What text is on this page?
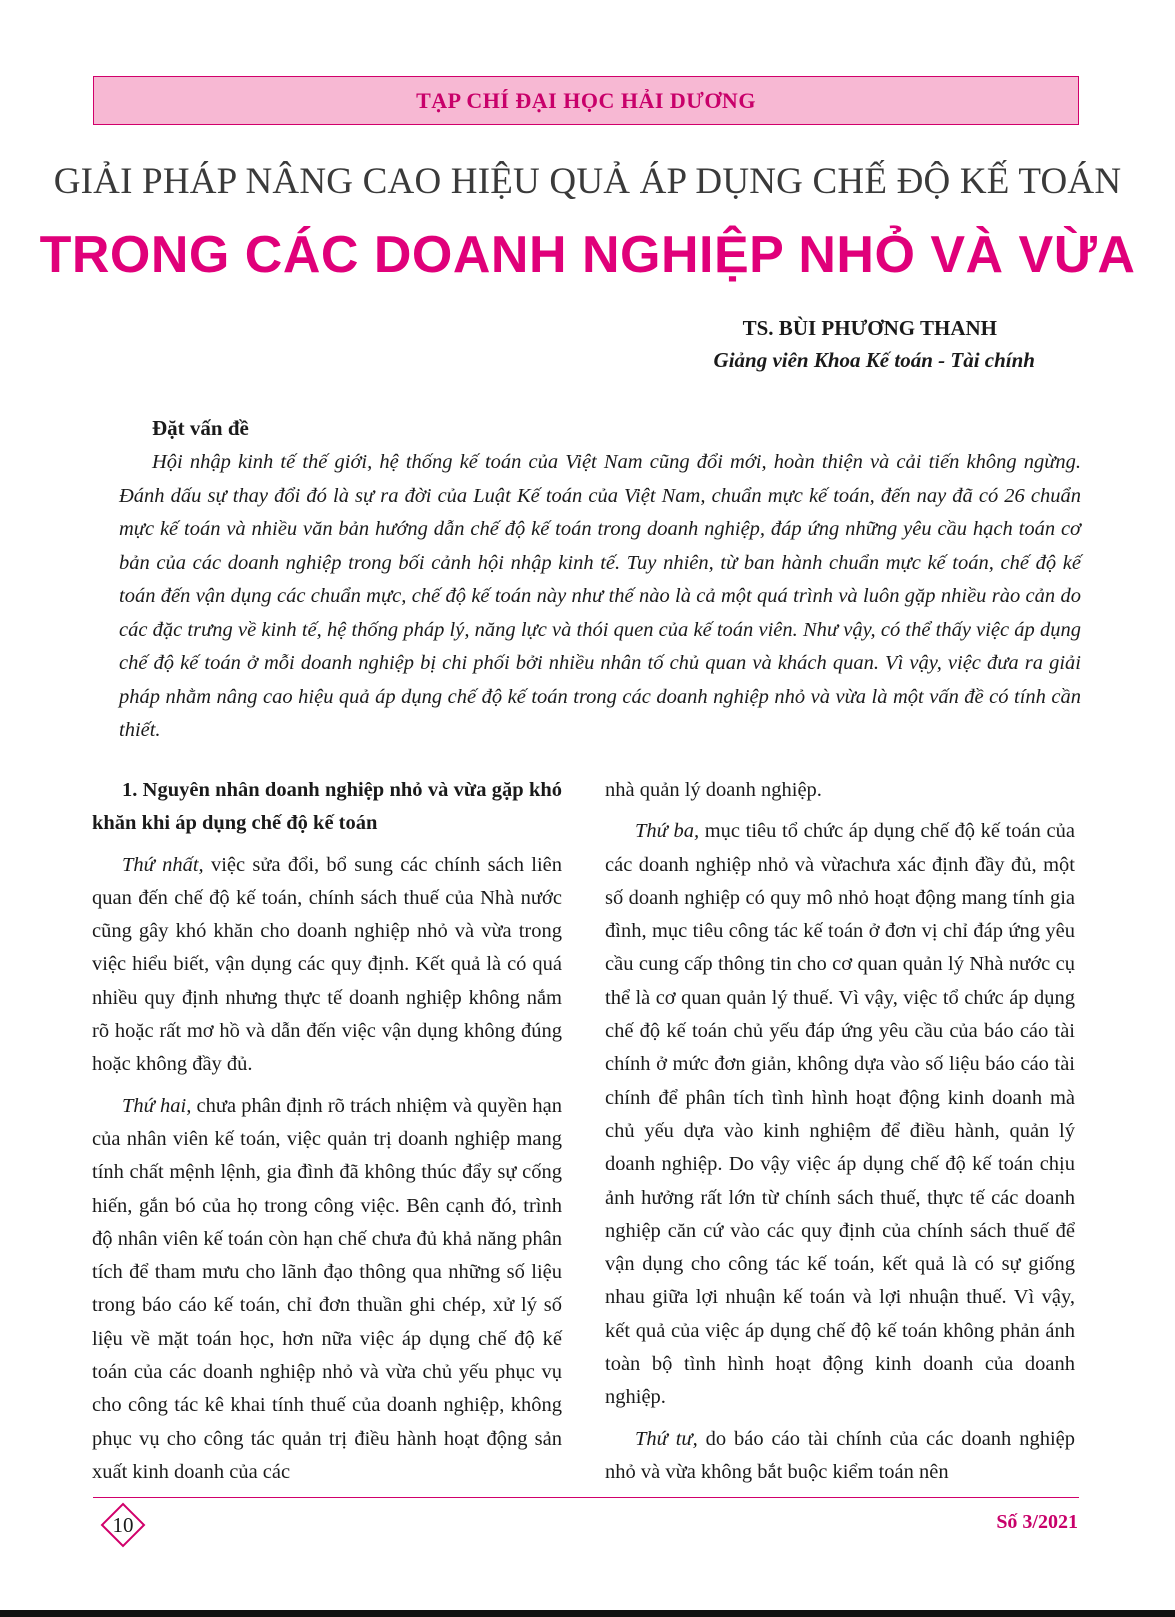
TẠP CHÍ ĐẠI HỌC HẢI DƯƠNG
GIẢI PHÁP NÂNG CAO HIỆU QUẢ ÁP DỤNG CHẾ ĐỘ KẾ TOÁN
TRONG CÁC DOANH NGHIỆP NHỎ VÀ VỪA
TS. BÙI PHƯƠNG THANH
Giảng viên Khoa Kế toán - Tài chính
Đặt vấn đề

Hội nhập kinh tế thế giới, hệ thống kế toán của Việt Nam cũng đổi mới, hoàn thiện và cải tiến không ngừng. Đánh dấu sự thay đổi đó là sự ra đời của Luật Kế toán của Việt Nam, chuẩn mực kế toán, đến nay đã có 26 chuẩn mực kế toán và nhiều văn bản hướng dẫn chế độ kế toán trong doanh nghiệp, đáp ứng những yêu cầu hạch toán cơ bản của các doanh nghiệp trong bối cảnh hội nhập kinh tế. Tuy nhiên, từ ban hành chuẩn mực kế toán, chế độ kế toán đến vận dụng các chuẩn mực, chế độ kế toán này như thế nào là cả một quá trình và luôn gặp nhiều rào cản do các đặc trưng về kinh tế, hệ thống pháp lý, năng lực và thói quen của kế toán viên. Như vậy, có thể thấy việc áp dụng chế độ kế toán ở mỗi doanh nghiệp bị chi phối bởi nhiều nhân tố chủ quan và khách quan. Vì vậy, việc đưa ra giải pháp nhằm nâng cao hiệu quả áp dụng chế độ kế toán trong các doanh nghiệp nhỏ và vừa là một vấn đề có tính cần thiết.

1. Nguyên nhân doanh nghiệp nhỏ và vừa gặp khó khăn khi áp dụng chế độ kế toán

Thứ nhất, việc sửa đổi, bổ sung các chính sách liên quan đến chế độ kế toán, chính sách thuế của Nhà nước cũng gây khó khăn cho doanh nghiệp nhỏ và vừa trong việc hiểu biết, vận dụng các quy định. Kết quả là có quá nhiều quy định nhưng thực tế doanh nghiệp không nắm rõ hoặc rất mơ hồ và dẫn đến việc vận dụng không đúng hoặc không đầy đủ.

Thứ hai, chưa phân định rõ trách nhiệm và quyền hạn của nhân viên kế toán, việc quản trị doanh nghiệp mang tính chất mệnh lệnh, gia đình đã không thúc đẩy sự cống hiến, gắn bó của họ trong công việc. Bên cạnh đó, trình độ nhân viên kế toán còn hạn chế chưa đủ khả năng phân tích để tham mưu cho lãnh đạo thông qua những số liệu trong báo cáo kế toán, chỉ đơn thuần ghi chép, xử lý số liệu về mặt toán học, hơn nữa việc áp dụng chế độ kế toán của các doanh nghiệp nhỏ và vừa chủ yếu phục vụ cho công tác kê khai tính thuế của doanh nghiệp, không phục vụ cho công tác quản trị điều hành hoạt động sản xuất kinh doanh của các

nhà quản lý doanh nghiệp.

Thứ ba, mục tiêu tổ chức áp dụng chế độ kế toán của các doanh nghiệp nhỏ và vừachưa xác định đầy đủ, một số doanh nghiệp có quy mô nhỏ hoạt động mang tính gia đình, mục tiêu công tác kế toán ở đơn vị chỉ đáp ứng yêu cầu cung cấp thông tin cho cơ quan quản lý Nhà nước cụ thể là cơ quan quản lý thuế. Vì vậy, việc tổ chức áp dụng chế độ kế toán chủ yếu đáp ứng yêu cầu của báo cáo tài chính ở mức đơn giản, không dựa vào số liệu báo cáo tài chính để phân tích tình hình hoạt động kinh doanh mà chủ yếu dựa vào kinh nghiệm để điều hành, quản lý doanh nghiệp. Do vậy việc áp dụng chế độ kế toán chịu ảnh hưởng rất lớn từ chính sách thuế, thực tế các doanh nghiệp căn cứ vào các quy định của chính sách thuế để vận dụng cho công tác kế toán, kết quả là có sự giống nhau giữa lợi nhuận kế toán và lợi nhuận thuế. Vì vậy, kết quả của việc áp dụng chế độ kế toán không phản ánh toàn bộ tình hình hoạt động kinh doanh của doanh nghiệp.

Thứ tư, do báo cáo tài chính của các doanh nghiệp nhỏ và vừa không bắt buộc kiểm toán nên

10	Số 3/2021
